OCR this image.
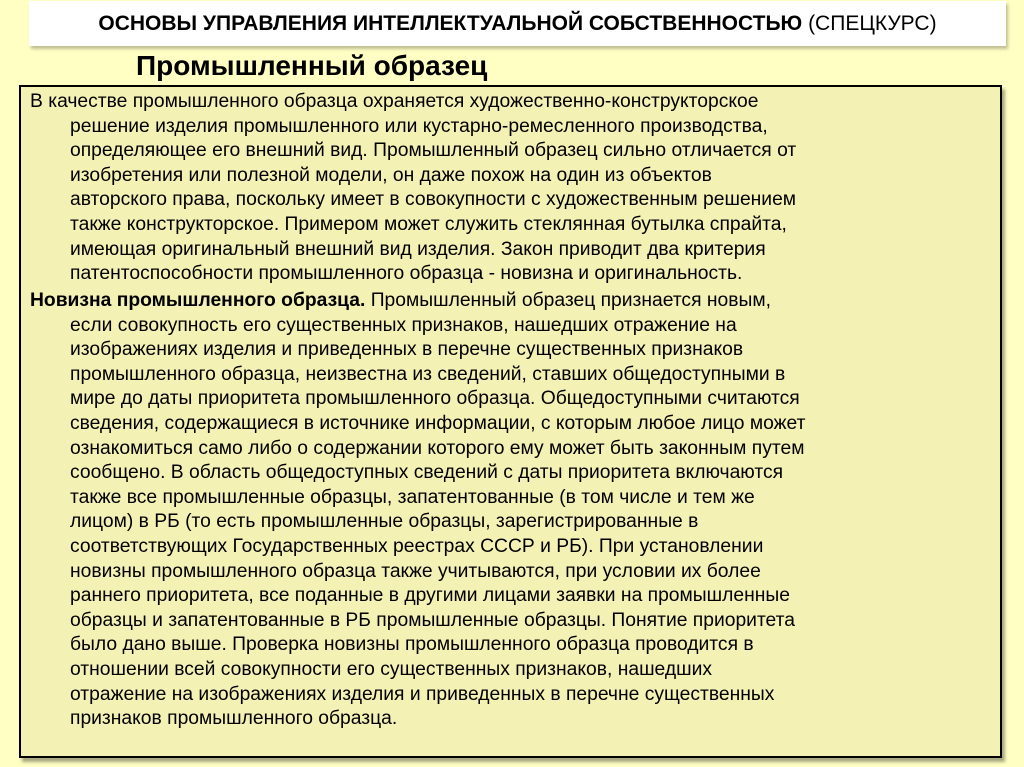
ОСНОВЫ УПРАВЛЕНИЯ ИНТЕЛЛЕКТУАЛЬНОЙ СОБСТВЕННОСТЬЮ (СПЕЦКУРС)
Промышленный образец

В качестве промышленного образца охраняется художественно-конструкторское
решение изделия промышленного или кустарно-ремесленного производства,
определяющее его внешний вид. Промышленный образец сильно отличается от
изобретения или полезной модели, он даже похож на один из объектов
авторского права, поскольку имеет в совокупности с художественным решением
также конструкторское. Примером может служить стеклянная бутылка спрайта,
имеющая оригинальный внешний вид изделия. Закон приводит два критерия
патентоспособности промышленного образца - новизна и оригинальность.

Новизна промышленного образца. Промышленный образец признается новым,
если совокупность его существенных признаков, нашедших отражение на
изображениях изделия и приведенных в перечне существенных признаков
промышленного образца, неизвестна из сведений, ставших общедоступными в
мире до даты приоритета промышленного образца. Общедоступными считаются
сведения, содержащиеся в источнике информации, с которым любое лицо может
ознакомиться само либо о содержании которого ему может быть законным путем
сообщено. В область общедоступных сведений с даты приоритета включаются
также все промышленные образцы, запатентованные (в том числе и тем же
лицом) в РБ (то есть промышленные образцы, зарегистрированные в
соответствующих Государственных реестрах СССР и РБ). При установлении
новизны промышленного образца также учитываются, при условии их более
раннего приоритета, все поданные в другими лицами заявки на промышленные
образцы и запатентованные в РБ промышленные образцы. Понятие приоритета
было дано выше. Проверка новизны промышленного образца проводится в
отношении всей совокупности его существенных признаков, нашедших
отражение на изображениях изделия и приведенных в перечне существенных
признаков промышленного образца.
